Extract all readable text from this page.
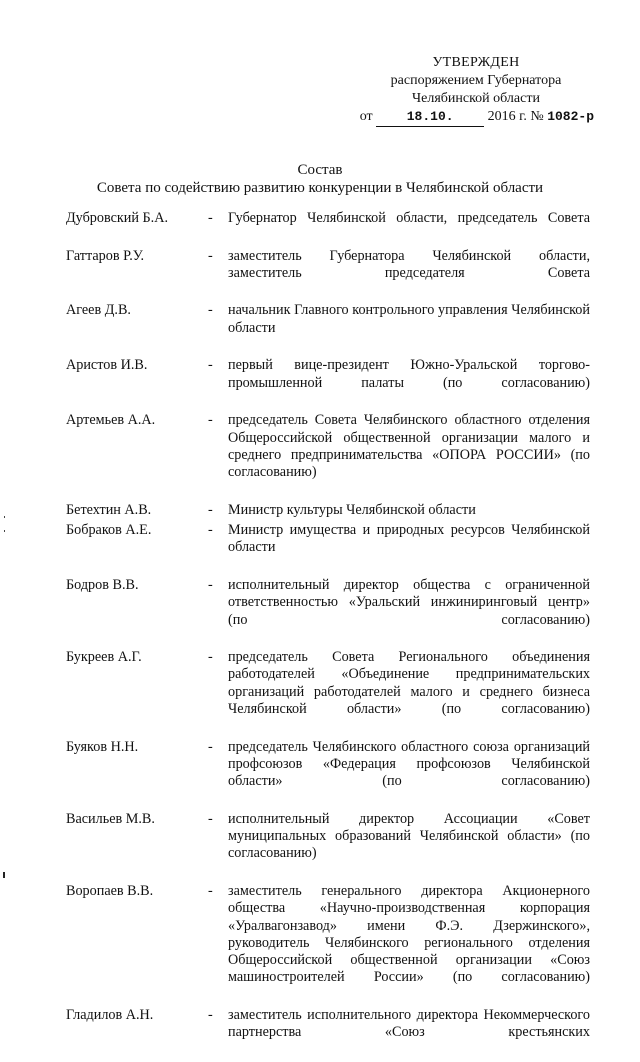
УТВЕРЖДЕН
распоряжением Губернатора
Челябинской области
от	18.10. 2016 г. № 1082-р
Состав
Совета по содействию развитию конкуренции в Челябинской области
Дубровский Б.А.	-	Губернатор Челябинской области, председатель Совета
Гаттаров Р.У.	-	заместитель Губернатора Челябинской области, заместитель председателя Совета
Агеев Д.В.	-	начальник Главного контрольного управления Челябинской области
Аристов И.В.	-	первый вице-президент Южно-Уральской торгово-промышленной палаты (по согласованию)
Артемьев А.А.	-	председатель Совета Челябинского областного отделения Общероссийской общественной организации малого и среднего предпринимательства «ОПОРА РОССИИ» (по согласованию)
Бетехтин А.В.	-	Министр культуры Челябинской области
Бобраков А.Е.	-	Министр имущества и природных ресурсов Челябинской области
Бодров В.В.	-	исполнительный директор общества с ограниченной ответственностью «Уральский инжиниринговый центр» (по согласованию)
Букреев А.Г.	-	председатель Совета Регионального объединения работодателей «Объединение предпринимательских организаций работодателей малого и среднего бизнеса Челябинской области» (по согласованию)
Буяков Н.Н.	-	председатель Челябинского областного союза организаций профсоюзов «Федерация профсоюзов Челябинской области» (по согласованию)
Васильев М.В.	-	исполнительный директор Ассоциации «Совет муниципальных образований Челябинской области» (по согласованию)
Воропаев В.В.	-	заместитель генерального директора Акционерного общества «Научно-производственная корпорация «Уралвагонзавод» имени Ф.Э. Дзержинского», руководитель Челябинского регионального отделения Общероссийской общественной организации «Союз машиностроителей России» (по согласованию)
Гладилов А.Н.	-	заместитель исполнительного директора Некоммерческого партнерства «Союз крестьянских
